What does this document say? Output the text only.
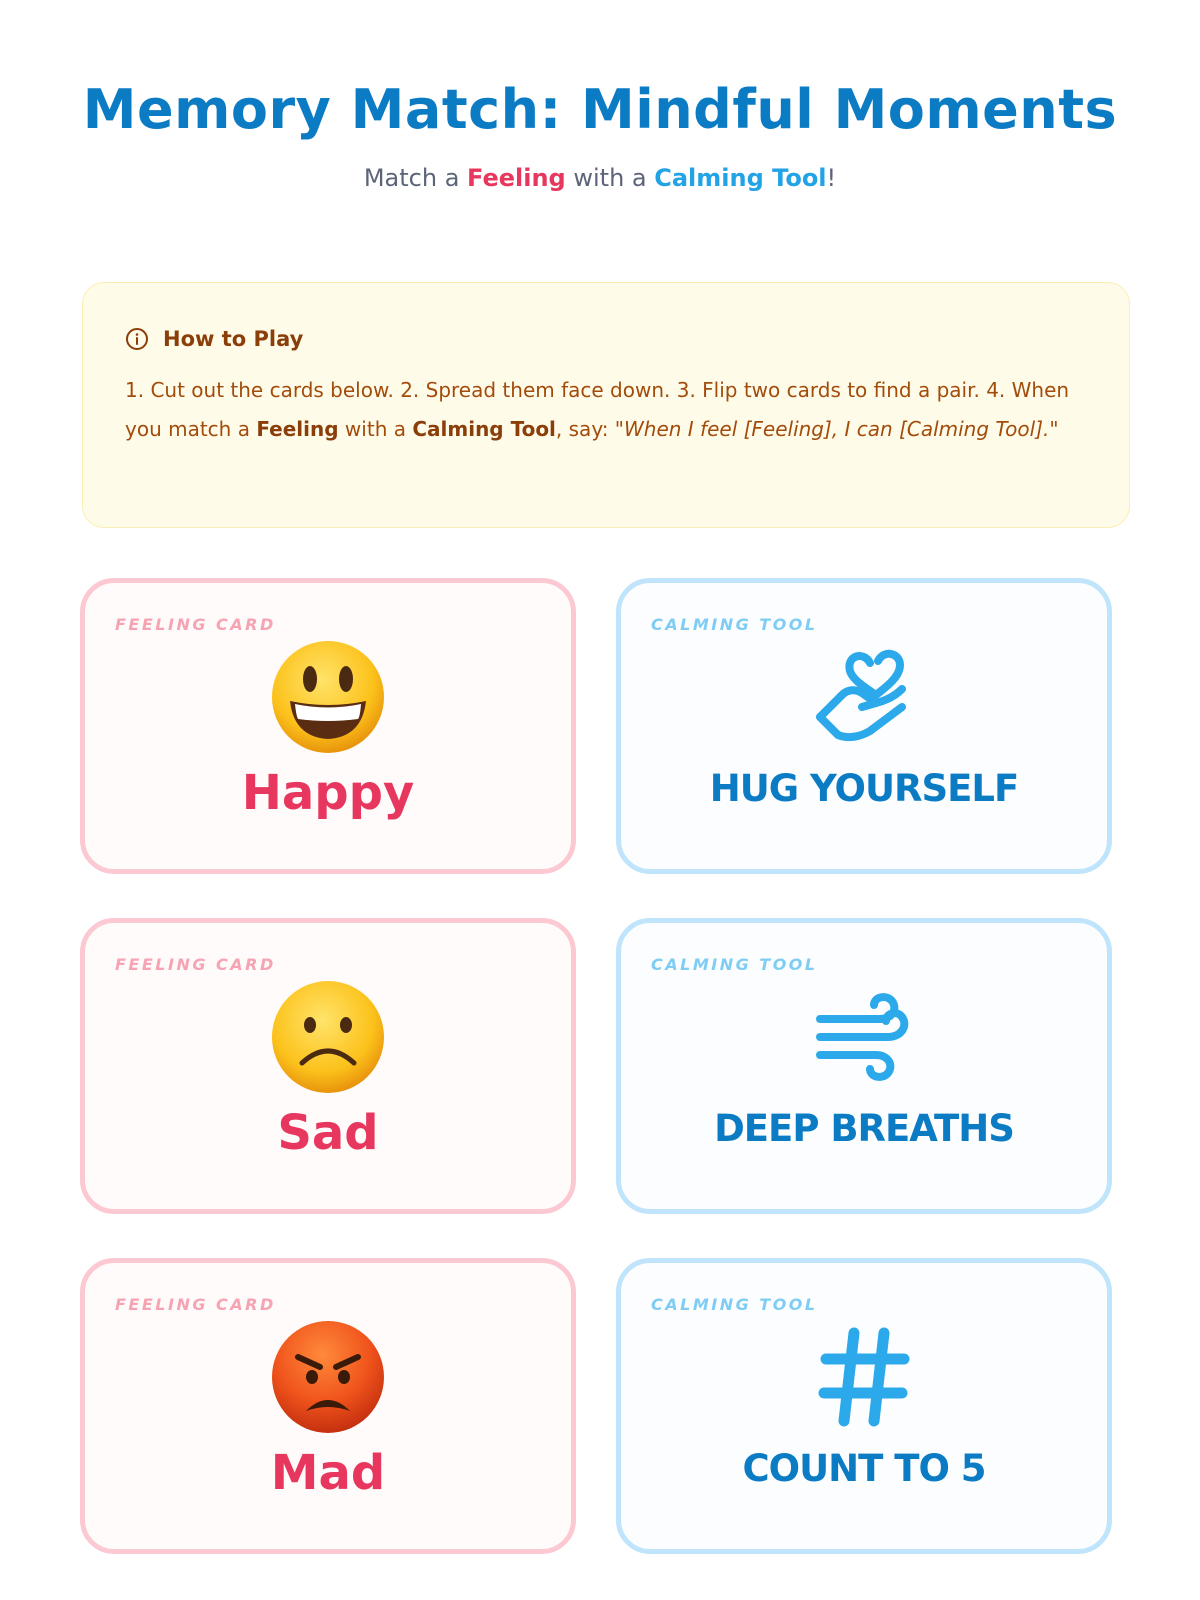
Memory Match: Mindful Moments
Match a Feeling with a Calming Tool!
How to Play
1. Cut out the cards below. 2. Spread them face down. 3. Flip two cards to find a pair. 4. When you match a Feeling with a Calming Tool, say: "When I feel [Feeling], I can [Calming Tool]."
FEELING CARD
Happy
CALMING TOOL
HUG YOURSELF
FEELING CARD
Sad
CALMING TOOL
DEEP BREATHS
FEELING CARD
Mad
CALMING TOOL
COUNT TO 5
